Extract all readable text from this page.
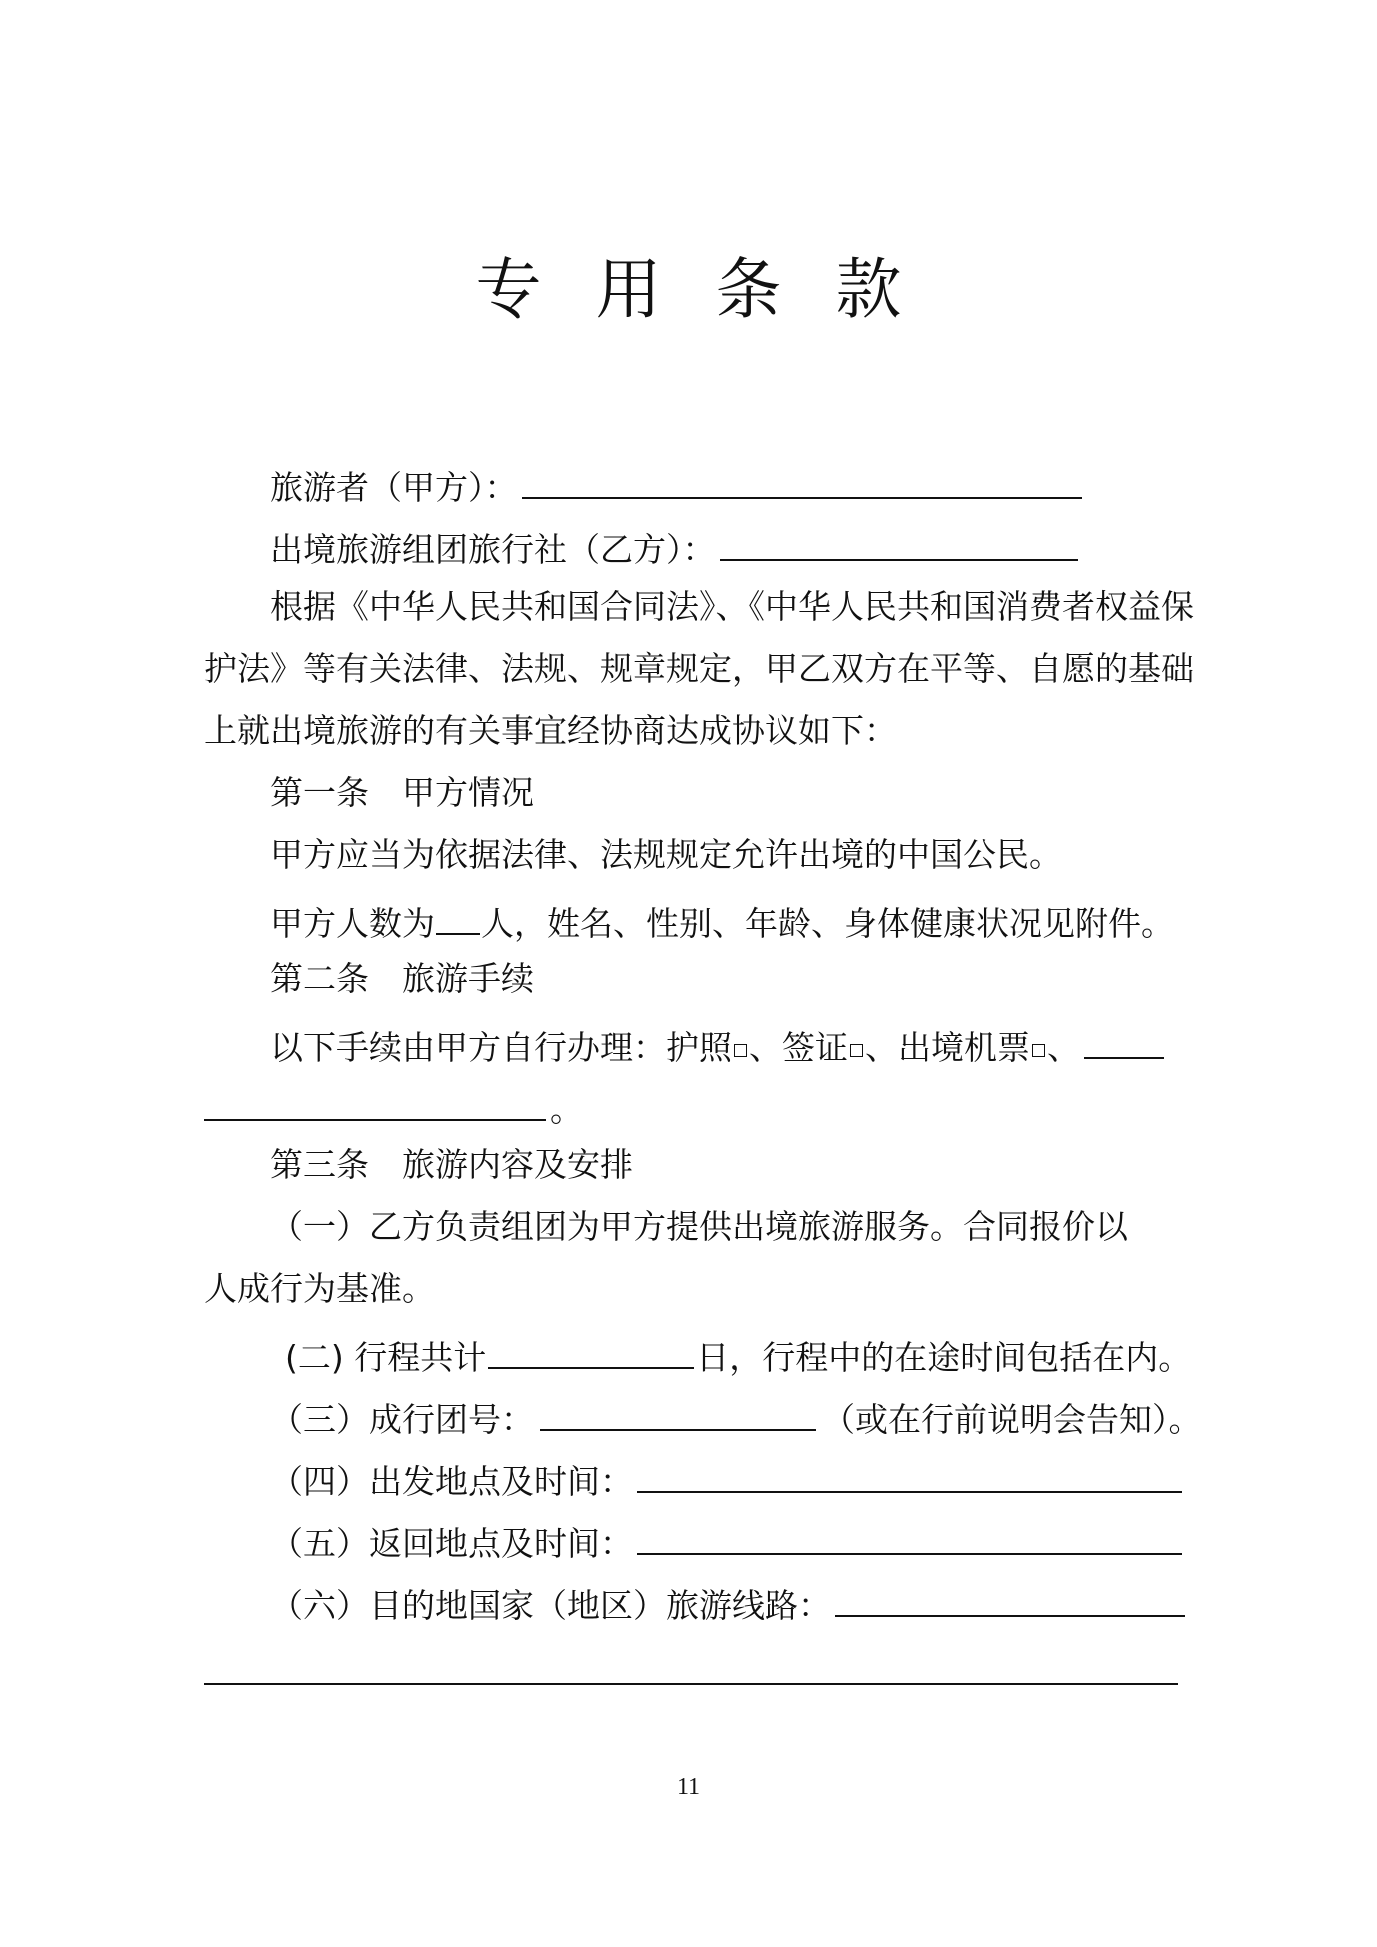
专用条款
旅游者（甲方）：
出境旅游组团旅行社（乙方）：
根据《中华人民共和国合同法》、《中华人民共和国消费者权益保
护法》等有关法律、法规、规章规定，甲乙双方在平等、自愿的基础
上就出境旅游的有关事宜经协商达成协议如下：
第一条　甲方情况
甲方应当为依据法律、法规规定允许出境的中国公民。
甲方人数为 人，姓名、性别、年龄、身体健康状况见附件。
第二条　旅游手续
以下手续由甲方自行办理：护照 、签证 、出境机票 、
。
第三条　旅游内容及安排
（一）乙方负责组团为甲方提供出境旅游服务。合同报价以
人成行为基准。
(二) 行程共计	日，行程中的在途时间包括在内。
（三）成行团号：	（或在行前说明会告知）。
（四）出发地点及时间：
（五）返回地点及时间：
（六）目的地国家（地区）旅游线路：
11
